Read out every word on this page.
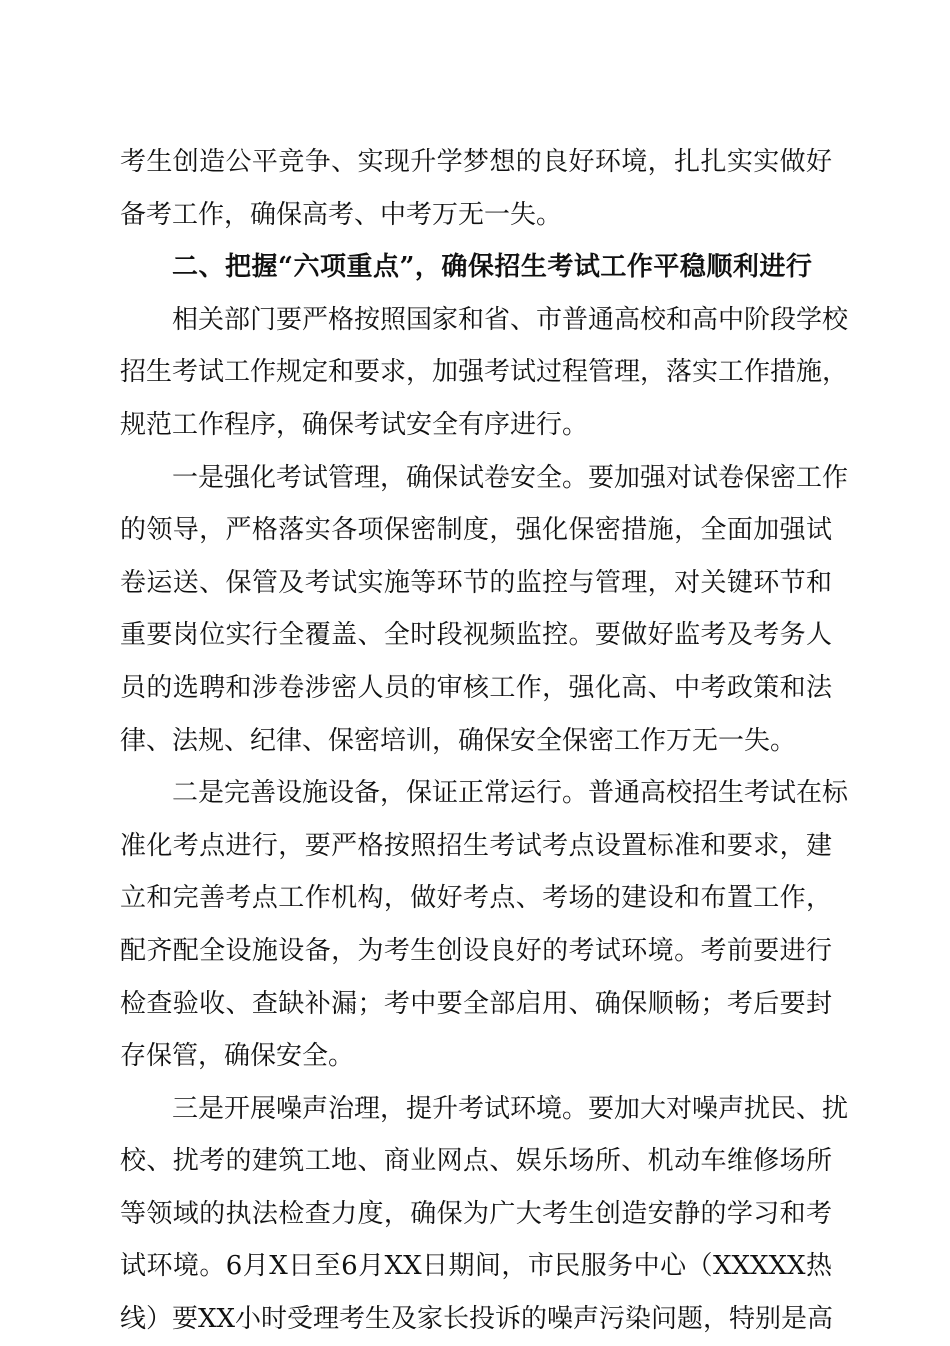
考生创造公平竞争、实现升学梦想的良好环境，扎扎实实做好
备考工作，确保高考、中考万无一失。
二、把握“六项重点”，确保招生考试工作平稳顺利进行
相关部门要严格按照国家和省、市普通高校和高中阶段学校
招生考试工作规定和要求，加强考试过程管理，落实工作措施，
规范工作程序，确保考试安全有序进行。
一是强化考试管理，确保试卷安全。要加强对试卷保密工作
的领导，严格落实各项保密制度，强化保密措施，全面加强试
卷运送、保管及考试实施等环节的监控与管理，对关键环节和
重要岗位实行全覆盖、全时段视频监控。要做好监考及考务人
员的选聘和涉卷涉密人员的审核工作，强化高、中考政策和法
律、法规、纪律、保密培训，确保安全保密工作万无一失。
二是完善设施设备，保证正常运行。普通高校招生考试在标
准化考点进行，要严格按照招生考试考点设置标准和要求，建
立和完善考点工作机构，做好考点、考场的建设和布置工作，
配齐配全设施设备，为考生创设良好的考试环境。考前要进行
检查验收、查缺补漏；考中要全部启用、确保顺畅；考后要封
存保管，确保安全。
三是开展噪声治理，提升考试环境。要加大对噪声扰民、扰
校、扰考的建筑工地、商业网点、娱乐场所、机动车维修场所
等领域的执法检查力度，确保为广大考生创造安静的学习和考
试环境。6月X日至6月XX日期间，市民服务中心（XXXXX热
线）要XX小时受理考生及家长投诉的噪声污染问题，特别是高
